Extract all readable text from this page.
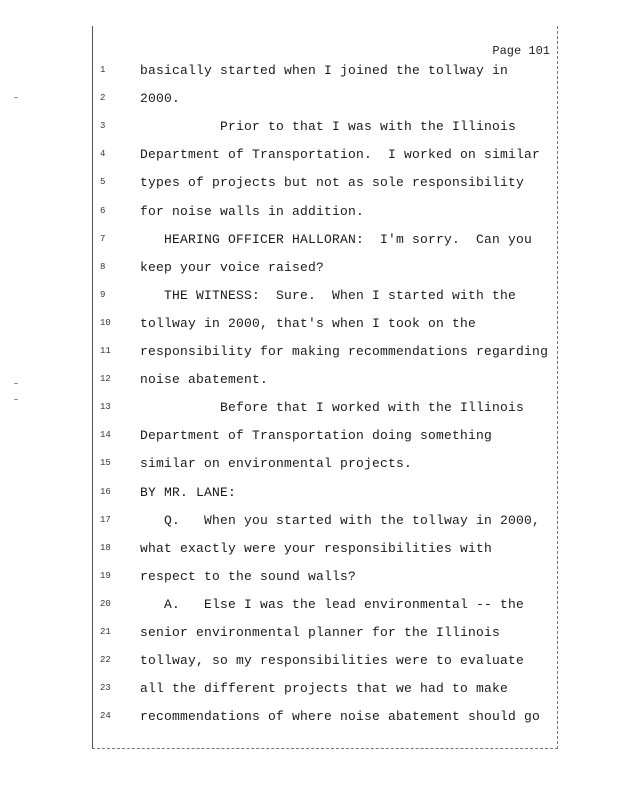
Page 101
1	basically started when I joined the tollway in
2	2000.
3	Prior to that I was with the Illinois
4	Department of Transportation.  I worked on similar
5	types of projects but not as sole responsibility
6	for noise walls in addition.
7	HEARING OFFICER HALLORAN:  I'm sorry.  Can you
8	keep your voice raised?
9	THE WITNESS:  Sure.  When I started with the
10	tollway in 2000, that's when I took on the
11	responsibility for making recommendations regarding
12	noise abatement.
13	Before that I worked with the Illinois
14	Department of Transportation doing something
15	similar on environmental projects.
16	BY MR. LANE:
17	Q.   When you started with the tollway in 2000,
18	what exactly were your responsibilities with
19	respect to the sound walls?
20	A.   Else I was the lead environmental -- the
21	senior environmental planner for the Illinois
22	tollway, so my responsibilities were to evaluate
23	all the different projects that we had to make
24	recommendations of where noise abatement should go
